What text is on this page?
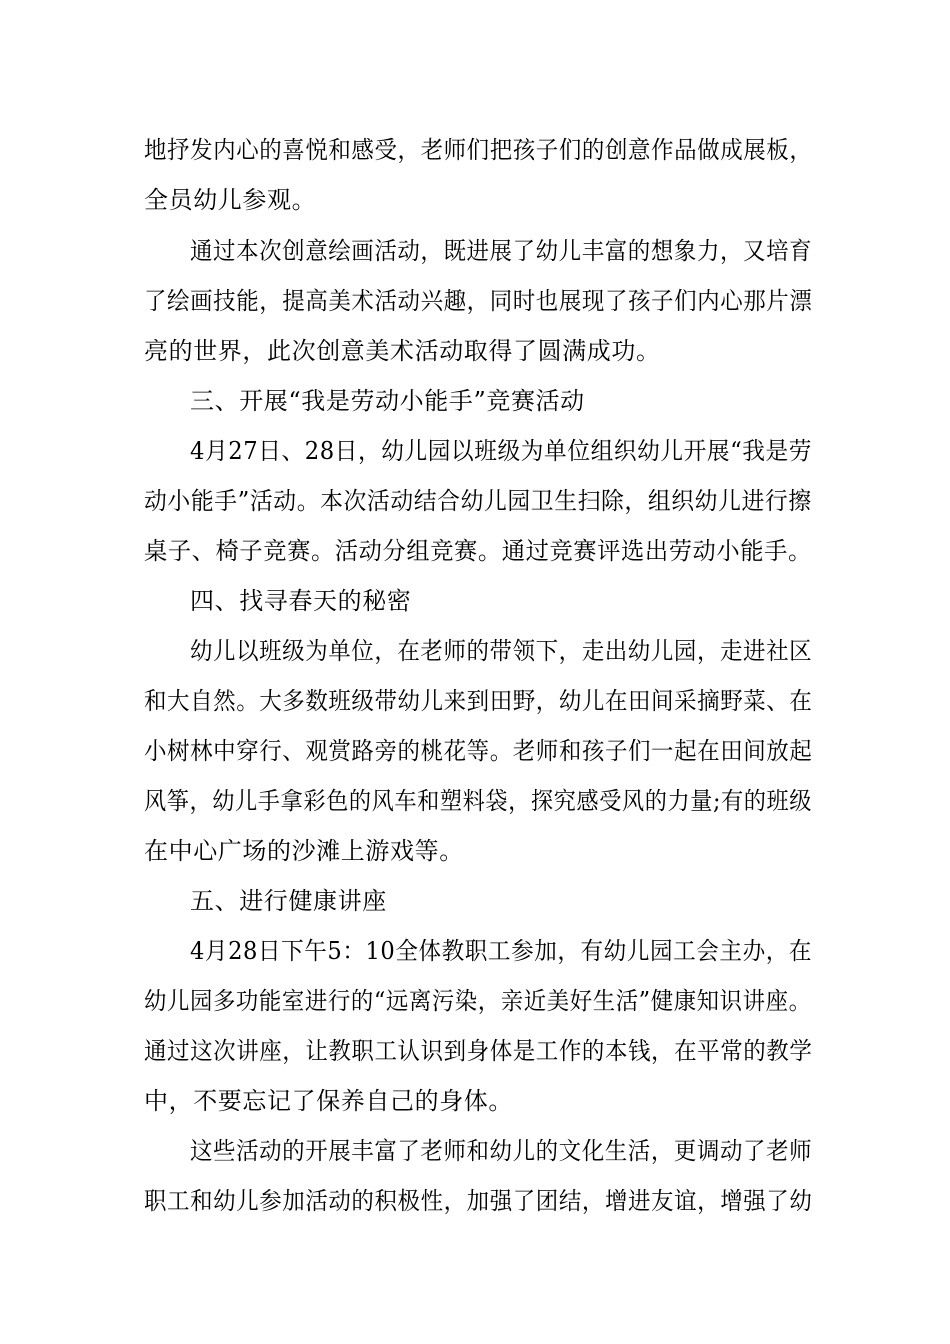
地抒发内心的喜悦和感受，老师们把孩子们的创意作品做成展板，
全员幼儿参观。
通过本次创意绘画活动，既进展了幼儿丰富的想象力，又培育
了绘画技能，提高美术活动兴趣，同时也展现了孩子们内心那片漂
亮的世界，此次创意美术活动取得了圆满成功。
三、开展“我是劳动小能手”竞赛活动
4月27日、28日，幼儿园以班级为单位组织幼儿开展“我是劳
动小能手”活动。本次活动结合幼儿园卫生扫除，组织幼儿进行擦
桌子、椅子竞赛。活动分组竞赛。通过竞赛评选出劳动小能手。
四、找寻春天的秘密
幼儿以班级为单位，在老师的带领下，走出幼儿园，走进社区
和大自然。大多数班级带幼儿来到田野，幼儿在田间采摘野菜、在
小树林中穿行、观赏路旁的桃花等。老师和孩子们一起在田间放起
风筝，幼儿手拿彩色的风车和塑料袋，探究感受风的力量;有的班级
在中心广场的沙滩上游戏等。
五、进行健康讲座
4月28日下午5：10全体教职工参加，有幼儿园工会主办，在
幼儿园多功能室进行的“远离污染，亲近美好生活”健康知识讲座。
通过这次讲座，让教职工认识到身体是工作的本钱，在平常的教学
中，不要忘记了保养自己的身体。
这些活动的开展丰富了老师和幼儿的文化生活，更调动了老师
职工和幼儿参加活动的积极性，加强了团结，增进友谊，增强了幼
